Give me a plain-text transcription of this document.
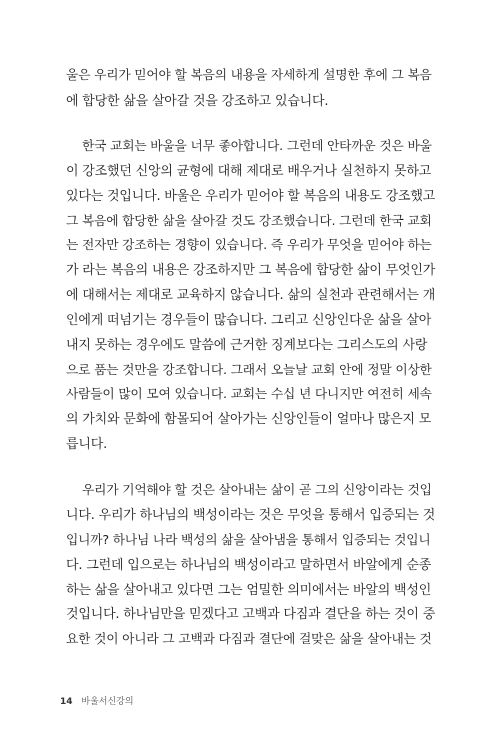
울은 우리가 믿어야 할 복음의 내용을 자세하게 설명한 후에 그 복음
에 합당한 삶을 살아갈 것을 강조하고 있습니다.
한국 교회는 바울을 너무 좋아합니다. 그런데 안타까운 것은 바울
이 강조했던 신앙의 균형에 대해 제대로 배우거나 실천하지 못하고
있다는 것입니다. 바울은 우리가 믿어야 할 복음의 내용도 강조했고
그 복음에 합당한 삶을 살아갈 것도 강조했습니다. 그런데 한국 교회
는 전자만 강조하는 경향이 있습니다. 즉 우리가 무엇을 믿어야 하는
가 라는 복음의 내용은 강조하지만 그 복음에 합당한 삶이 무엇인가
에 대해서는 제대로 교육하지 않습니다. 삶의 실천과 관련해서는 개
인에게 떠넘기는 경우들이 많습니다. 그리고 신앙인다운 삶을 살아
내지 못하는 경우에도 말씀에 근거한 징계보다는 그리스도의 사랑
으로 품는 것만을 강조합니다. 그래서 오늘날 교회 안에 정말 이상한
사람들이 많이 모여 있습니다. 교회는 수십 년 다니지만 여전히 세속
의 가치와 문화에 함몰되어 살아가는 신앙인들이 얼마나 많은지 모
릅니다.
우리가 기억해야 할 것은 살아내는 삶이 곧 그의 신앙이라는 것입
니다. 우리가 하나님의 백성이라는 것은 무엇을 통해서 입증되는 것
입니까? 하나님 나라 백성의 삶을 살아냄을 통해서 입증되는 것입니
다. 그런데 입으로는 하나님의 백성이라고 말하면서 바알에게 순종
하는 삶을 살아내고 있다면 그는 엄밀한 의미에서는 바알의 백성인
것입니다. 하나님만을 믿겠다고 고백과 다짐과 결단을 하는 것이 중
요한 것이 아니라 그 고백과 다짐과 결단에 걸맞은 삶을 살아내는 것
14 바울서신강의
